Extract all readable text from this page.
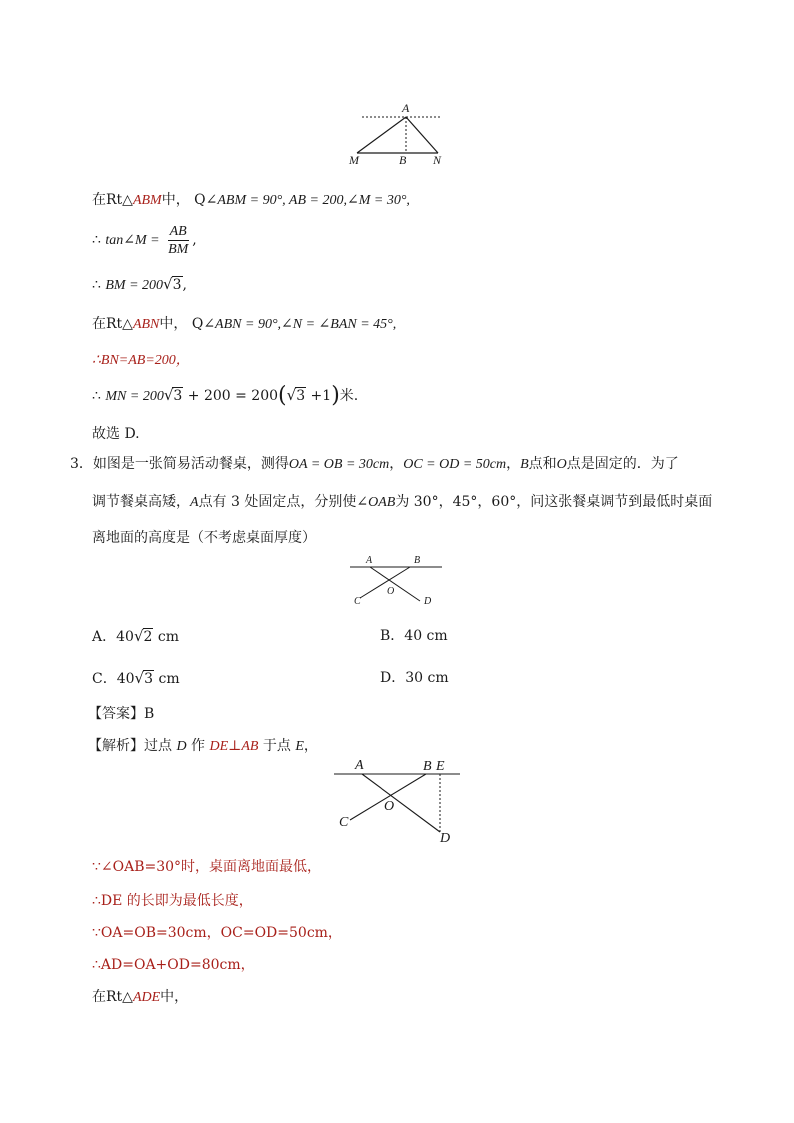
A
M	B N
在Rt△ABM中， Q∠ABM = 90°, AB = 200,∠M = 30°,
∴ tan∠M = $\frac{AB}{BM}$ ,
∴ BM = 200√3,
在Rt△ABN中， Q∠ABN = 90°,∠N = ∠BAN = 45°,
∴BN=AB=200，
∴ MN = 200√3 + 200 = 200(√3 +1)米.
故选 D.
3．如图是一张简易活动餐桌，测得OA = OB = 30cm，OC = OD = 50cm，B点和O点是固定的．为了
调节餐桌高矮，A点有 3 处固定点，分别使∠OAB为 30°，45°，60°，问这张餐桌调节到最低时桌面
离地面的高度是（不考虑桌面厚度）
A	B
O
C	D
A．40√2 cm	B．40 cm
C．40√3 cm	D．30 cm
【答案】B
【解析】过点 D 作 DE⊥AB 于点 E，
A	B E
O
C
D
∵∠OAB=30°时，桌面离地面最低，
∴DE 的长即为最低长度，
∵OA=OB=30cm，OC=OD=50cm，
∴AD=OA+OD=80cm，
在Rt△ADE中，
